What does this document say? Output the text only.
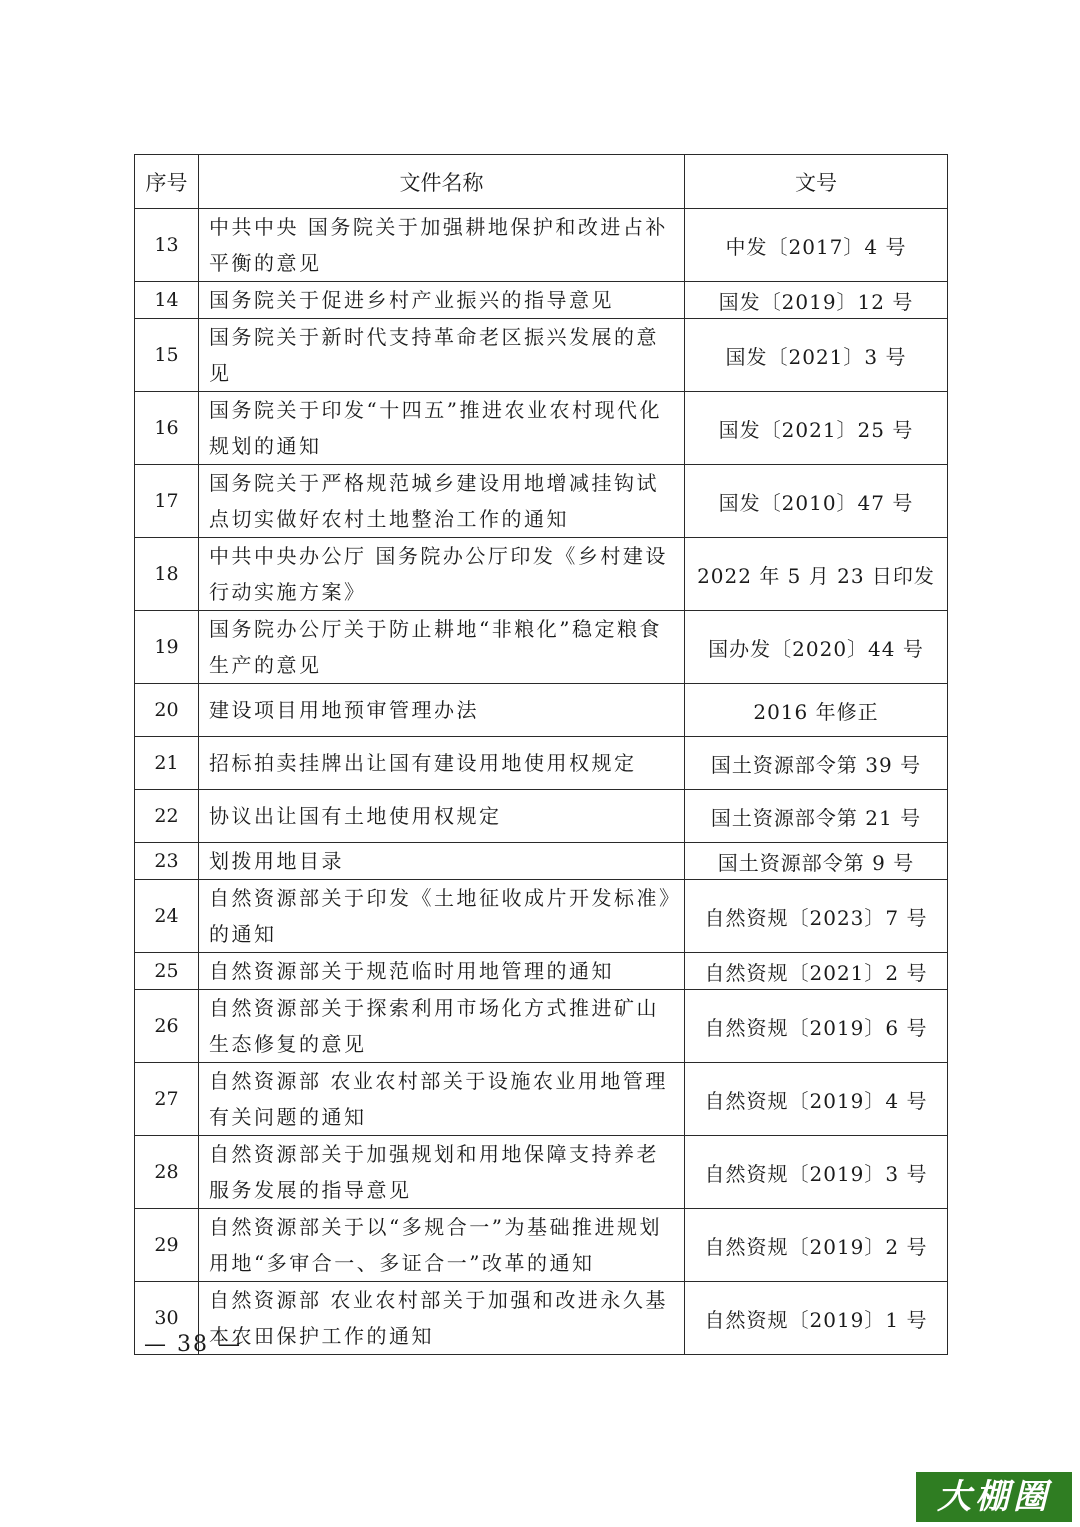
序号	文件名称	文号
13	中共中央 国务院关于加强耕地保护和改进占补平衡的意见	中发〔2017〕4 号
14	国务院关于促进乡村产业振兴的指导意见	国发〔2019〕12 号
15	国务院关于新时代支持革命老区振兴发展的意见	国发〔2021〕3 号
16	国务院关于印发“十四五”推进农业农村现代化规划的通知	国发〔2021〕25 号
17	国务院关于严格规范城乡建设用地增减挂钩试点切实做好农村土地整治工作的通知	国发〔2010〕47 号
18	中共中央办公厅 国务院办公厅印发《乡村建设行动实施方案》	2022 年 5 月 23 日印发
19	国务院办公厅关于防止耕地“非粮化”稳定粮食生产的意见	国办发〔2020〕44 号
20	建设项目用地预审管理办法	2016 年修正
21	招标拍卖挂牌出让国有建设用地使用权规定	国土资源部令第 39 号
22	协议出让国有土地使用权规定	国土资源部令第 21 号
23	划拨用地目录	国土资源部令第 9 号
24	自然资源部关于印发《土地征收成片开发标准》的通知	自然资规〔2023〕7 号
25	自然资源部关于规范临时用地管理的通知	自然资规〔2021〕2 号
26	自然资源部关于探索利用市场化方式推进矿山生态修复的意见	自然资规〔2019〕6 号
27	自然资源部 农业农村部关于设施农业用地管理有关问题的通知	自然资规〔2019〕4 号
28	自然资源部关于加强规划和用地保障支持养老服务发展的指导意见	自然资规〔2019〕3 号
29	自然资源部关于以“多规合一”为基础推进规划用地“多审合一、多证合一”改革的通知	自然资规〔2019〕2 号
30	自然资源部 农业农村部关于加强和改进永久基本农田保护工作的通知	自然资规〔2019〕1 号
— 38 —
大棚圈
